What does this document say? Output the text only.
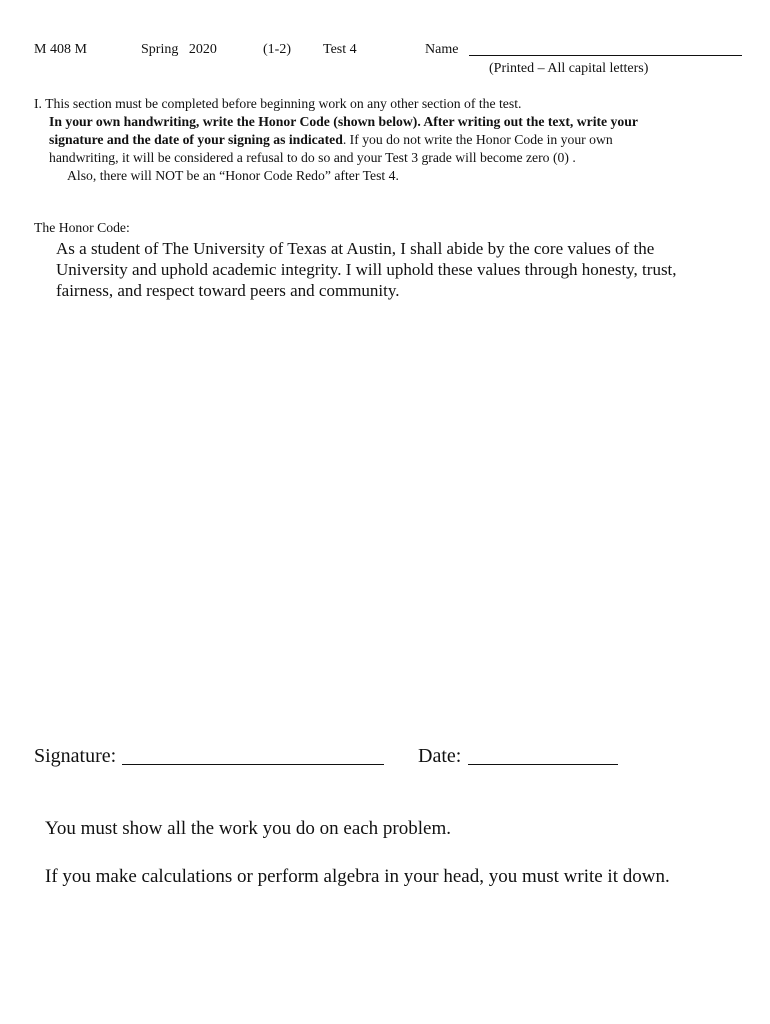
M 408 M	Spring   2020	(1-2) Test 4	Name
(Printed – All capital letters)
I. This section must be completed before beginning work on any other section of the test.
In your own handwriting, write the Honor Code (shown below). After writing out the text, write your
signature and the date of your signing as indicated. If you do not write the Honor Code in your own
handwriting, it will be considered a refusal to do so and your Test 3 grade will become zero (0) .
Also, there will NOT be an “Honor Code Redo” after Test 4.
The Honor Code:
As a student of The University of Texas at Austin, I shall abide by the core values of the
University and uphold academic integrity. I will uphold these values through honesty, trust,
fairness, and respect toward peers and community.
Signature:	Date:
You must show all the work you do on each problem.
If you make calculations or perform algebra in your head, you must write it down.
